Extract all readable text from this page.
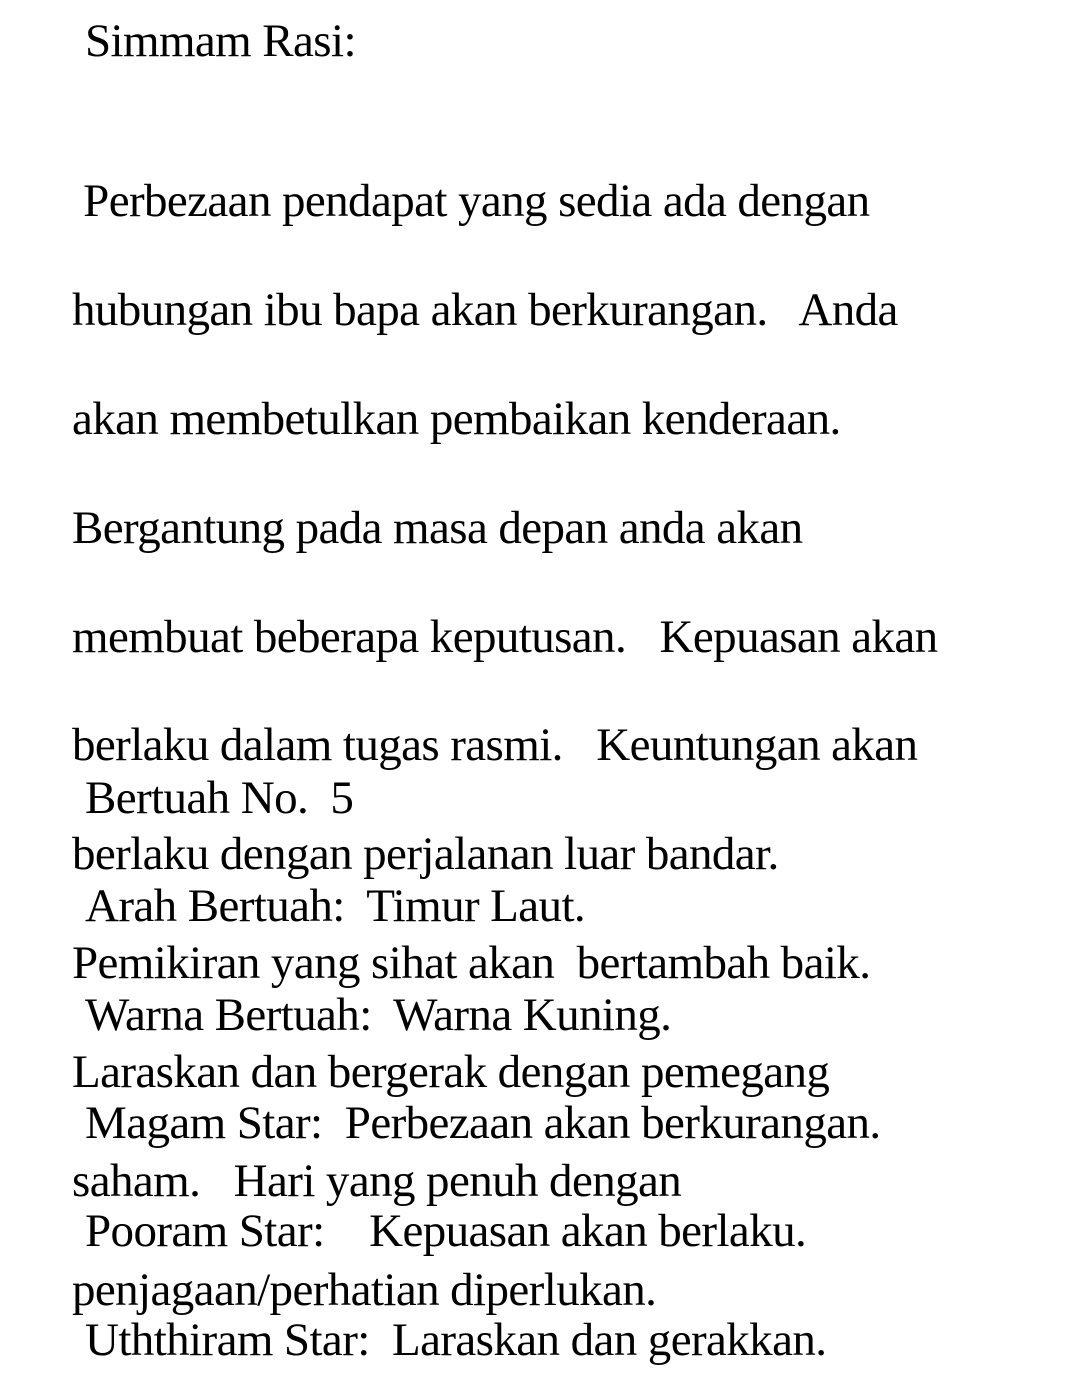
Simmam Rasi:

Perbezaan pendapat yang sedia ada dengan

hubungan ibu bapa akan berkurangan.   Anda

akan membetulkan pembaikan kenderaan.

Bergantung pada masa depan anda akan

membuat beberapa keputusan.   Kepuasan akan

berlaku dalam tugas rasmi.   Keuntungan akan

berlaku dengan perjalanan luar bandar.

Pemikiran yang sihat akan  bertambah baik.

Laraskan dan bergerak dengan pemegang

saham.   Hari yang penuh dengan

penjagaan/perhatian diperlukan.

Bertuah No.  5
Arah Bertuah:  Timur Laut.
Warna Bertuah:  Warna Kuning.
Magam Star:  Perbezaan akan berkurangan.
Pooram Star:    Kepuasan akan berlaku.
Uththiram Star:  Laraskan dan gerakkan.
